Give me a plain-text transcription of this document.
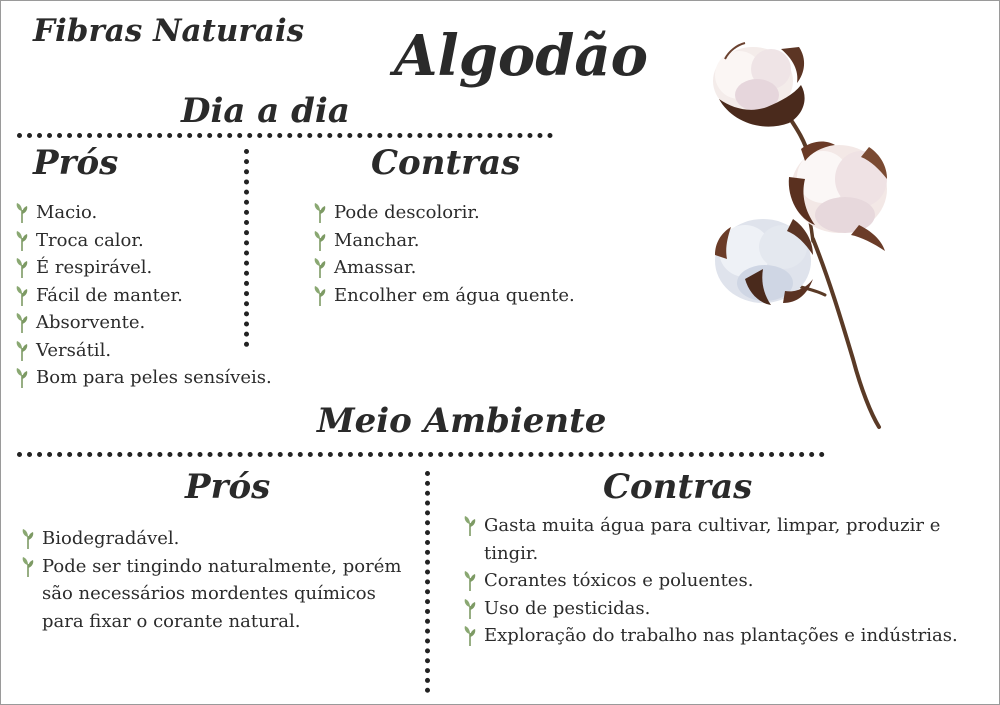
Fibras Naturais Algodão
Dia a dia
Prós
Macio.
Troca calor.
É respirável.
Fácil de manter.
Absorvente.
Versátil.
Bom para peles sensíveis.
Contras
Pode descolorir.
Manchar.
Amassar.
Encolher em água quente.
Meio Ambiente
Prós
Biodegradável.
Pode ser tingindo naturalmente, porém são necessários mordentes químicos para fixar o corante natural.
Contras
Gasta muita água para cultivar, limpar, produzir e tingir.
Corantes tóxicos e poluentes.
Uso de pesticidas.
Exploração do trabalho nas plantações e indústrias.
